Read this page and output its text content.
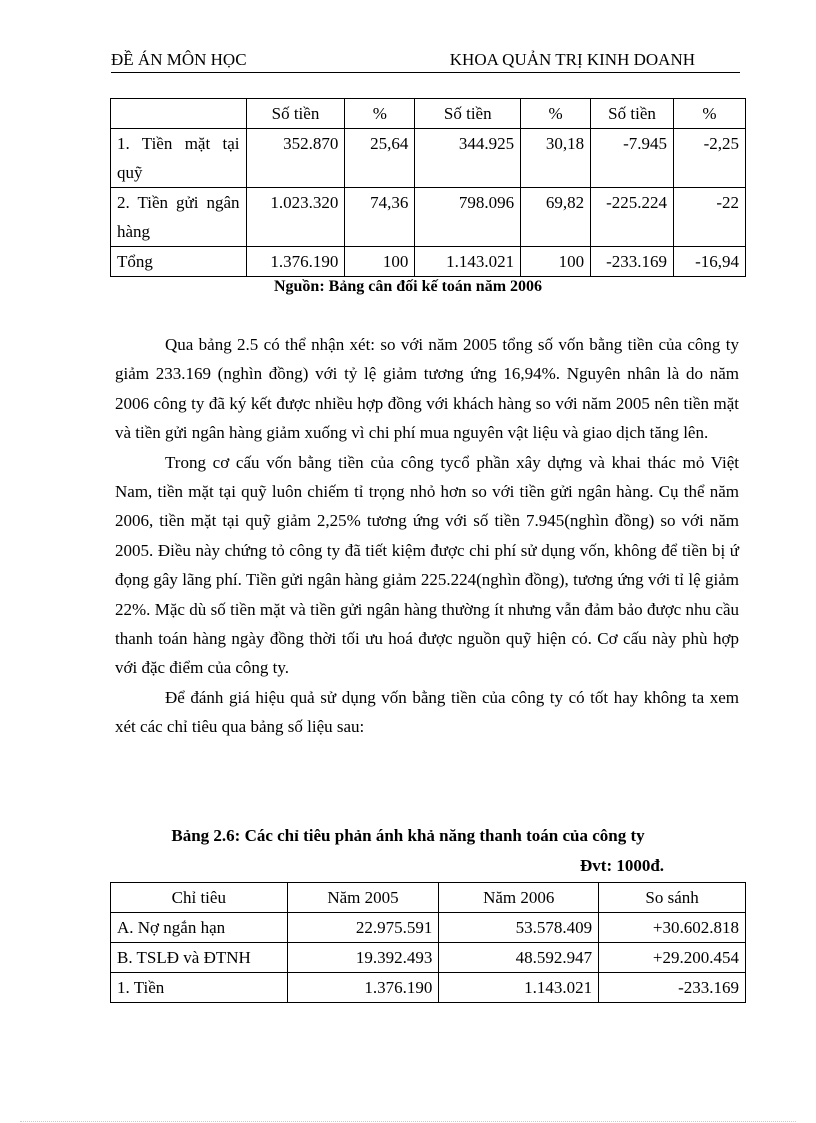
ĐỀ ÁN MÔN HỌC	KHOA QUẢN TRỊ KINH DOANH
	Số tiền	%	Số tiền	%	Số tiền	%
1. Tiền mặt tại quỹ	352.870	25,64	344.925	30,18	-7.945	-2,25
2. Tiền gửi ngân hàng	1.023.320	74,36	798.096	69,82	-225.224	-22
Tổng	1.376.190	100	1.143.021	100	-233.169	-16,94
Nguồn: Bảng cân đối kế toán năm 2006

Qua bảng 2.5 có thể nhận xét: so với năm 2005 tổng số vốn bằng tiền của công ty giảm 233.169 (nghìn đồng) với tỷ lệ giảm tương ứng 16,94%. Nguyên nhân là do năm 2006 công ty đã ký kết được nhiều hợp đồng với khách hàng so với năm 2005 nên tiền mặt và tiền gửi ngân hàng giảm xuống vì chi phí mua nguyên vật liệu và giao dịch tăng lên.

Trong cơ cấu vốn bằng tiền của công tycổ phần xây dựng và khai thác mỏ Việt Nam, tiền mặt tại quỹ luôn chiếm tỉ trọng nhỏ hơn so với tiền gửi ngân hàng. Cụ thể năm 2006, tiền mặt tại quỹ giảm 2,25% tương ứng với số tiền 7.945(nghìn đồng) so với năm 2005. Điều này chứng tỏ công ty đã tiết kiệm được chi phí sử dụng vốn, không để tiền bị ứ đọng gây lãng phí. Tiền gửi ngân hàng giảm 225.224(nghìn đồng), tương ứng với tỉ lệ giảm 22%. Mặc dù số tiền mặt và tiền gửi ngân hàng thường ít nhưng vẫn đảm bảo được nhu cầu thanh toán hàng ngày đồng thời tối ưu hoá được nguồn quỹ hiện có. Cơ cấu này phù hợp với đặc điểm của công ty.

Để đánh giá hiệu quả sử dụng vốn bằng tiền của công ty có tốt hay không ta xem xét các chỉ tiêu qua bảng số liệu sau:

Bảng 2.6: Các chỉ tiêu phản ánh khả năng thanh toán của công ty
Đvt: 1000đ.
Chỉ tiêu	Năm 2005	Năm 2006	So sánh
A. Nợ ngắn hạn	22.975.591	53.578.409	+30.602.818
B. TSLĐ và ĐTNH	19.392.493	48.592.947	+29.200.454
1. Tiền	1.376.190	1.143.021	-233.169
